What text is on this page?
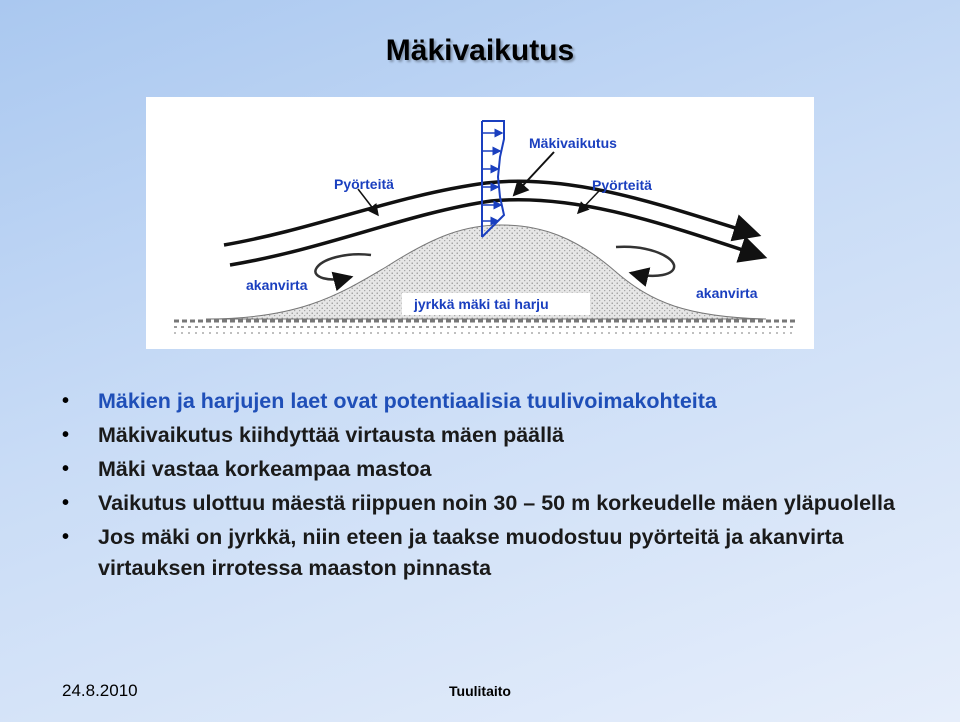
Mäkivaikutus
Mäkivaikutus
Pyörteitä	Pyörteitä
akanvirta	akanvirta
jyrkkä mäki tai harju
• Mäkien ja harjujen laet ovat potentiaalisia tuulivoimakohteita
• Mäkivaikutus kiihdyttää virtausta mäen päällä
• Mäki vastaa korkeampaa mastoa
• Vaikutus ulottuu mäestä riippuen noin 30 – 50 m korkeudelle mäen yläpuolella
• Jos mäki on jyrkkä, niin eteen ja taakse muodostuu pyörteitä ja akanvirta virtauksen irrotessa maaston pinnasta
24.8.2010	Tuulitaito
